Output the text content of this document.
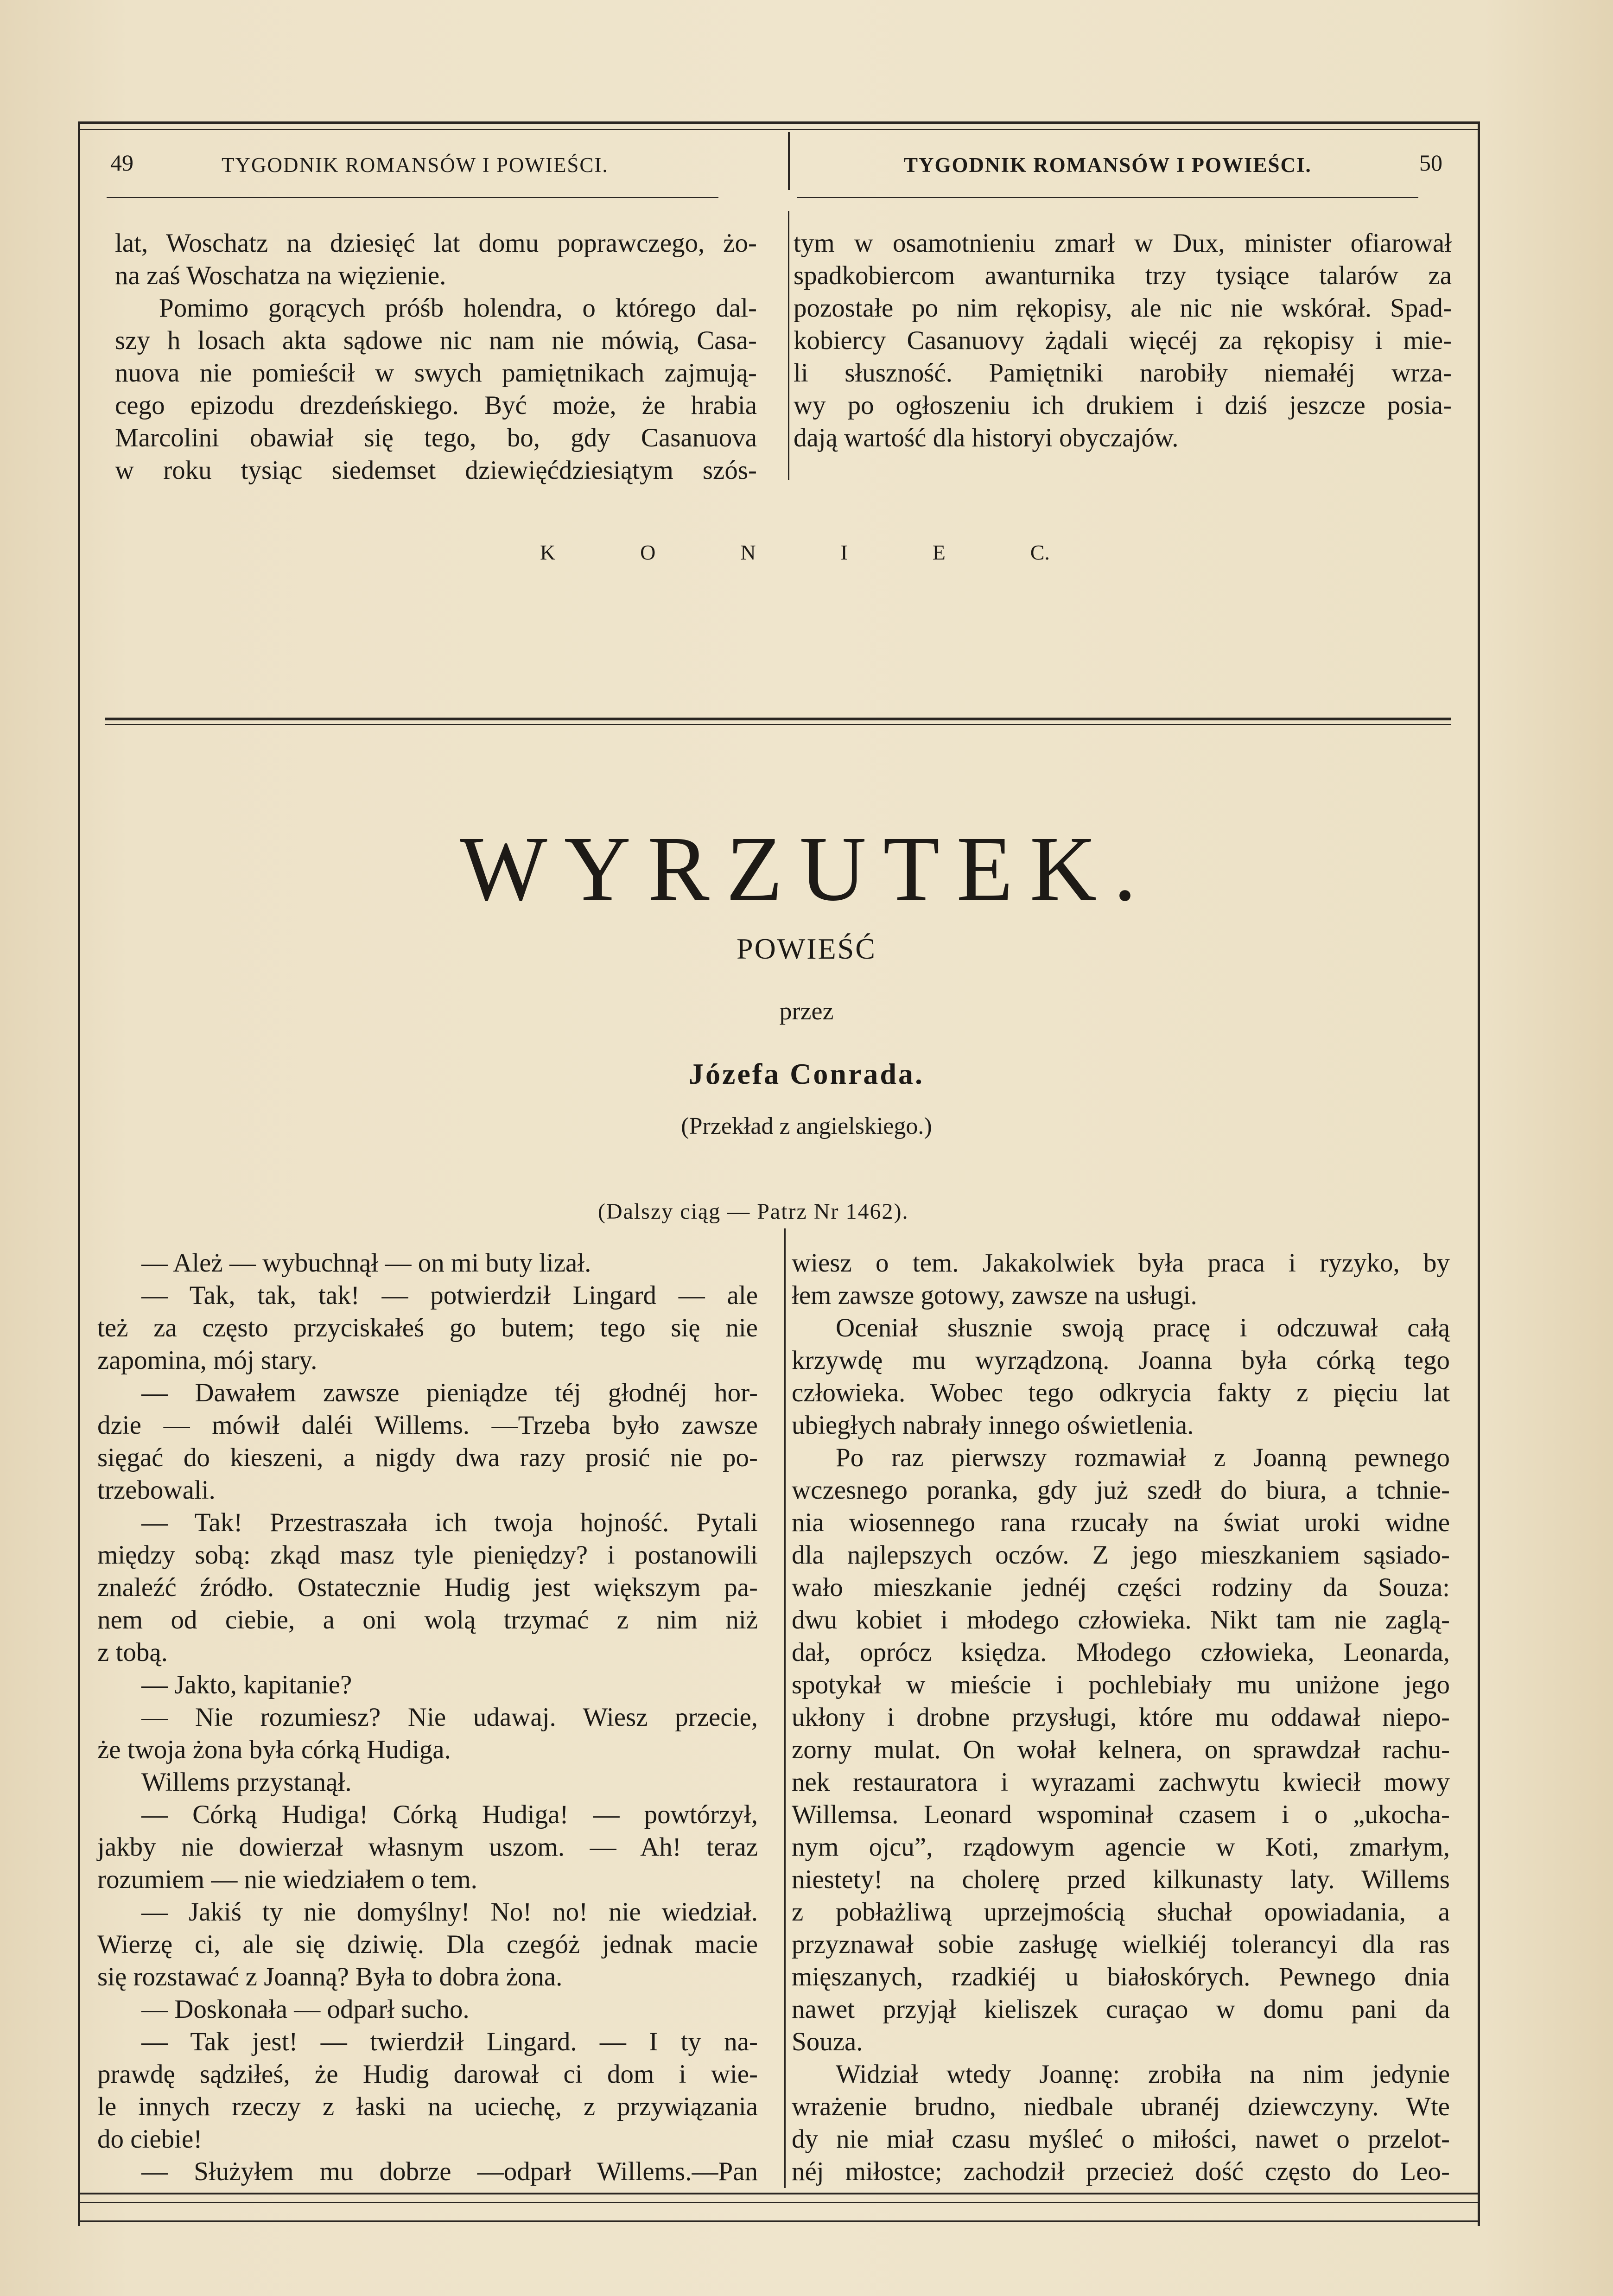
49	TYGODNIK ROMANSÓW I POWIEŚCI.	TYGODNIK ROMANSÓW I POWIEŚCI.	50
lat, Woschatz na dziesięć lat domu poprawczego, żo-
na zaś Woschatza na więzienie.
Pomimo gorących próśb holendra, o którego dal-
szy h losach akta sądowe nic nam nie mówią, Casa-
nuova nie pomieścił w swych pamiętnikach zajmują-
cego epizodu drezdeńskiego. Być może, że hrabia
Marcolini obawiał się tego, bo, gdy Casanuova
w roku tysiąc siedemset dziewięćdziesiątym szós-
tym w osamotnieniu zmarł w Dux, minister ofiarował
spadkobiercom awanturnika trzy tysiące talarów za
pozostałe po nim rękopisy, ale nic nie wskórał. Spad-
kobiercy Casanuovy żądali więcéj za rękopisy i mie-
li słuszność. Pamiętniki narobiły niemałéj wrza-
wy po ogłoszeniu ich drukiem i dziś jeszcze posia-
dają wartość dla historyi obyczajów.
K	O	N	I	E	C.
WYRZUTEK.
POWIEŚĆ
przez
Józefa Conrada.
(Przekład z angielskiego.)
(Dalszy ciąg — Patrz Nr 1462).
— Ależ — wybuchnął — on mi buty lizał.
— Tak, tak, tak! — potwierdził Lingard — ale
też za często przyciskałeś go butem; tego się nie
zapomina, mój stary.
— Dawałem zawsze pieniądze téj głodnéj hor-
dzie — mówił daléi Willems. —Trzeba było zawsze
sięgać do kieszeni, a nigdy dwa razy prosić nie po-
trzebowali.
— Tak! Przestraszała ich twoja hojność. Pytali
między sobą: zkąd masz tyle pieniędzy? i postanowili
znaleźć źródło. Ostatecznie Hudig jest większym pa-
nem od ciebie, a oni wolą trzymać z nim niż
z tobą.
— Jakto, kapitanie?
— Nie rozumiesz? Nie udawaj. Wiesz przecie,
że twoja żona była córką Hudiga.
Willems przystanął.
— Córką Hudiga! Córką Hudiga! — powtórzył,
jakby nie dowierzał własnym uszom. — Ah! teraz
rozumiem — nie wiedziałem o tem.
— Jakiś ty nie domyślny! No! no! nie wiedział.
Wierzę ci, ale się dziwię. Dla czegóż jednak macie
się rozstawać z Joanną? Była to dobra żona.
— Doskonała — odparł sucho.
— Tak jest! — twierdził Lingard. — I ty na-
prawdę sądziłeś, że Hudig darował ci dom i wie-
le innych rzeczy z łaski na uciechę, z przywiązania
do ciebie!
— Służyłem mu dobrze —odparł Willems.—Pan
wiesz o tem. Jakakolwiek była praca i ryzyko, by
łem zawsze gotowy, zawsze na usługi.
Oceniał słusznie swoją pracę i odczuwał całą
krzywdę mu wyrządzoną. Joanna była córką tego
człowieka. Wobec tego odkrycia fakty z pięciu lat
ubiegłych nabrały innego oświetlenia.
Po raz pierwszy rozmawiał z Joanną pewnego
wczesnego poranka, gdy już szedł do biura, a tchnie-
nia wiosennego rana rzucały na świat uroki widne
dla najlepszych oczów. Z jego mieszkaniem sąsiado-
wało mieszkanie jednéj części rodziny da Souza:
dwu kobiet i młodego człowieka. Nikt tam nie zaglą-
dał, oprócz księdza. Młodego człowieka, Leonarda,
spotykał w mieście i pochlebiały mu uniżone jego
ukłony i drobne przysługi, które mu oddawał niepo-
zorny mulat. On wołał kelnera, on sprawdzał rachu-
nek restauratora i wyrazami zachwytu kwiecił mowy
Willemsa. Leonard wspominał czasem i o „ukocha-
nym ojcu”, rządowym agencie w Koti, zmarłym,
niestety! na cholerę przed kilkunasty laty. Willems
z pobłażliwą uprzejmością słuchał opowiadania, a
przyznawał sobie zasługę wielkiéj tolerancyi dla ras
mięszanych, rzadkiéj u białoskórych. Pewnego dnia
nawet przyjął kieliszek curaçao w domu pani da
Souza.
Widział wtedy Joannę: zrobiła na nim jedynie
wrażenie brudno, niedbale ubranéj dziewczyny. Wte
dy nie miał czasu myśleć o miłości, nawet o przelot-
néj miłostce; zachodził przecież dość często do Leo-
